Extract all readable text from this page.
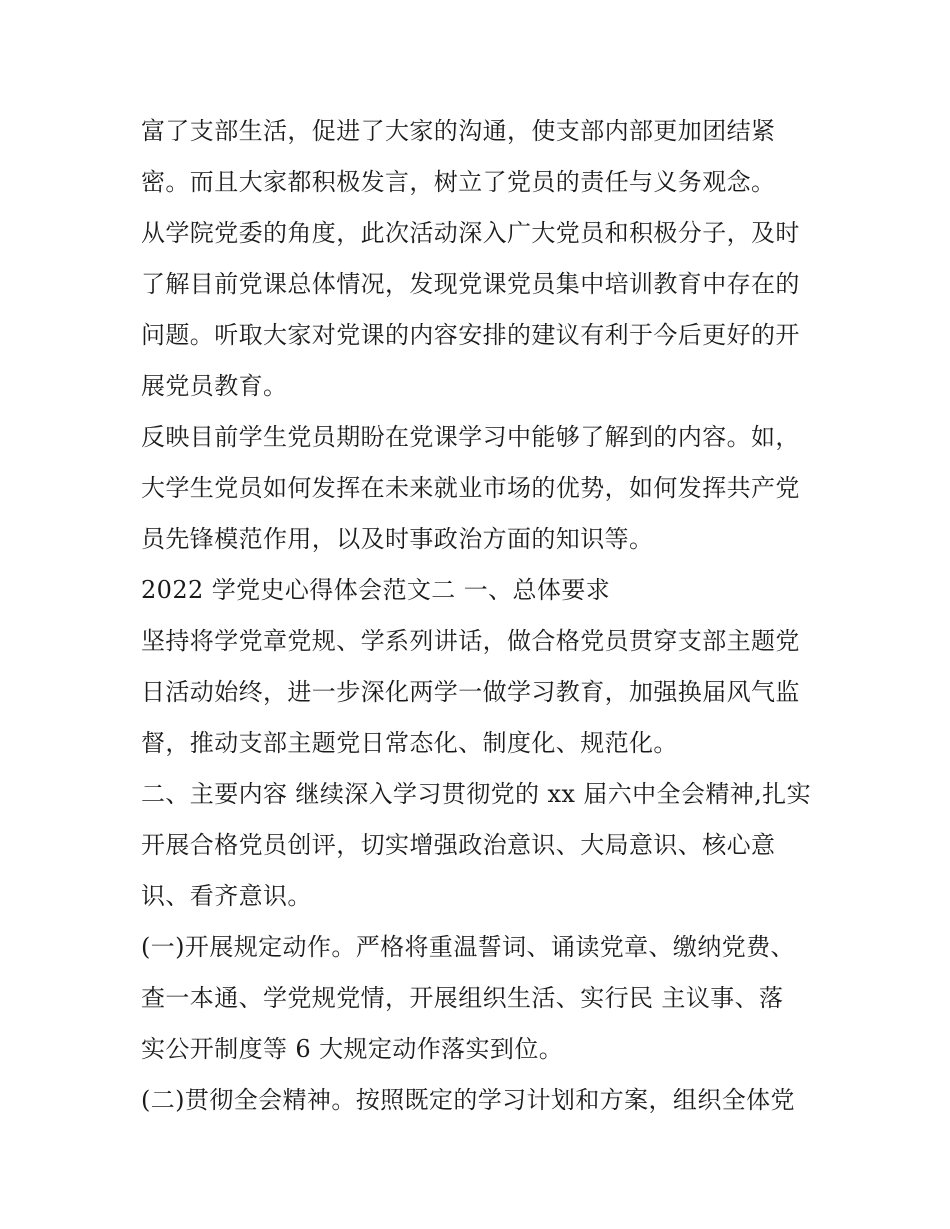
富了支部生活，促进了大家的沟通，使支部内部更加团结紧
密。而且大家都积极发言，树立了党员的责任与义务观念。
从学院党委的角度，此次活动深入广大党员和积极分子，及时
了解目前党课总体情况，发现党课党员集中培训教育中存在的
问题。听取大家对党课的内容安排的建议有利于今后更好的开
展党员教育。
反映目前学生党员期盼在党课学习中能够了解到的内容。如，
大学生党员如何发挥在未来就业市场的优势，如何发挥共产党
员先锋模范作用，以及时事政治方面的知识等。
2022 学党史心得体会范文二 一、总体要求
坚持将学党章党规、学系列讲话，做合格党员贯穿支部主题党
日活动始终，进一步深化两学一做学习教育，加强换届风气监
督，推动支部主题党日常态化、制度化、规范化。
二、主要内容 继续深入学习贯彻党的 xx 届六中全会精神,扎实
开展合格党员创评，切实增强政治意识、大局意识、核心意
识、看齐意识。
(一)开展规定动作。严格将重温誓词、诵读党章、缴纳党费、
查一本通、学党规党情，开展组织生活、实行民 主议事、落
实公开制度等 6 大规定动作落实到位。
(二)贯彻全会精神。按照既定的学习计划和方案，组织全体党
